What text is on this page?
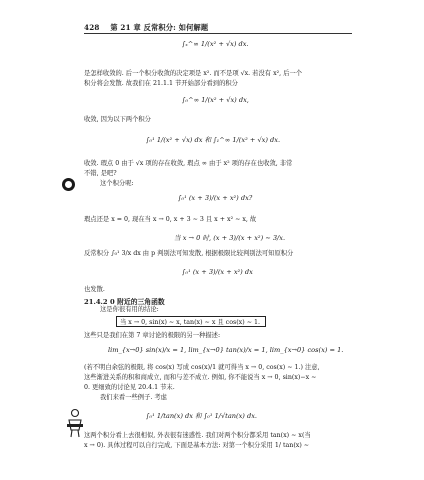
428 第 21 章 反常积分: 如何解题
∫ₓ^∞ 1/(x² + √x) dx.
是怎样收敛的. 后一个积分收敛的决定项是 x². 而不是项 √x. 若没有 x², 后一个
积分将会发散. 故我们在 21.1.1 节开始部分看到的积分
∫₀^∞ 1/(x² + √x) dx,
收敛, 因为以下两个积分
∫₀¹ 1/(x² + √x) dx 和 ∫₁^∞ 1/(x² + √x) dx.
收敛. 瑕点 0 由于 √x 项的存在收敛, 瑕点 ∞ 由于 x² 项的存在也收敛, 非常
不错, 是吧?
这个积分呢:
∫₀¹ (x + 3)/(x + x²) dx?
瑕点还是 x = 0, 现在当 x → 0, x + 3 ∼ 3 且 x + x² ∼ x, 故
当 x → 0 时, (x + 3)/(x + x²) ∼ 3/x.
反常积分 ∫₀¹ 3/x dx 由 p 判别法可知发散, 根据极限比较判别法可知原积分
∫₀¹ (x + 3)/(x + x²) dx
也发散.
21.4.2 0 附近的三角函数
这是你很有用的结论:
当 x → 0, sin(x) ∼ x, tan(x) ∼ x 且 cos(x) ∼ 1.
这些只是我们在第 7 章讨论的极限的另一种描述:
lim_{x→0} sin(x)/x = 1, lim_{x→0} tan(x)/x = 1, lim_{x→0} cos(x) = 1.
(若不明白余弦的极限, 将 cos(x) 写成 cos(x)/1 就可得当 x → 0, cos(x) ∼ 1.) 注意,
这些渐进关系的积和商成立, 而和与差不成立. 例如, 你不能说当 x → 0, sin(x)−x ∼
0. 更细致的讨论见 20.4.1 节末.
我们来看一些例子. 考虑
∫₀¹ 1/tan(x) dx 和 ∫₀¹ 1/√tan(x) dx.
这两个积分看上去很相似, 外表很有迷惑性. 我们对两个积分都采用 tan(x) ∼ x(当
x → 0). 具体过程可以自行完成, 下面是基本方法: 对第一个积分采用 1/ tan(x) ∼
